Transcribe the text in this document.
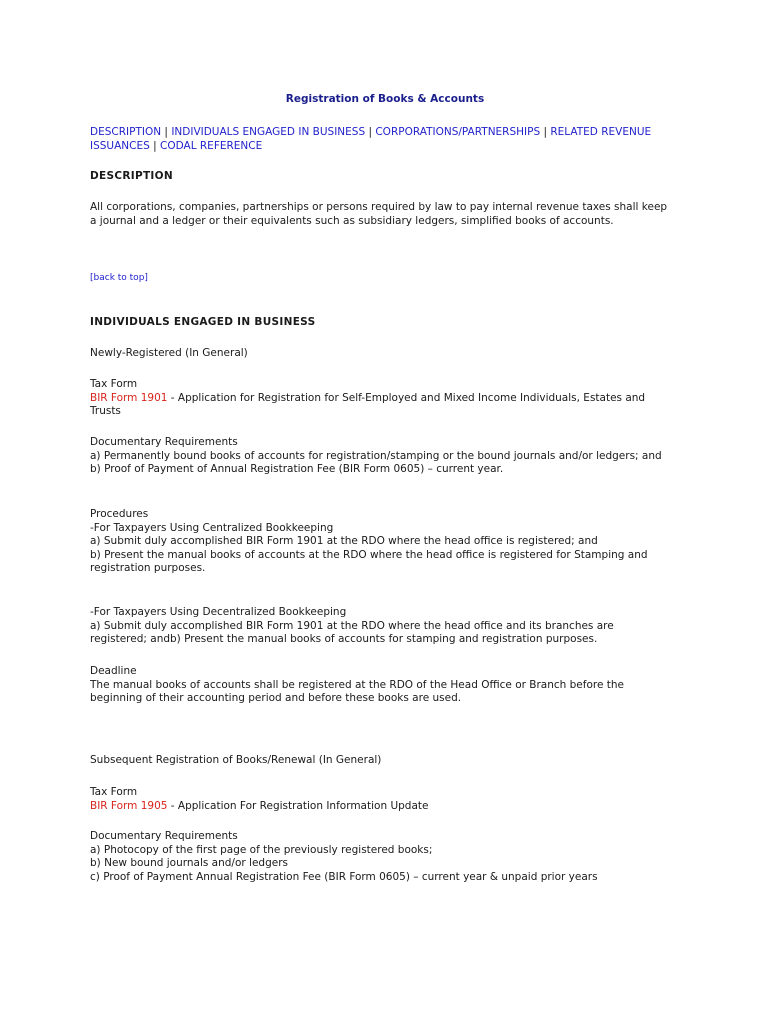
Registration of Books & Accounts
DESCRIPTION | INDIVIDUALS ENGAGED IN BUSINESS | CORPORATIONS/PARTNERSHIPS | RELATED REVENUE ISSUANCES | CODAL REFERENCE
DESCRIPTION
All corporations, companies, partnerships or persons required by law to pay internal revenue taxes shall keep a journal and a ledger or their equivalents such as subsidiary ledgers, simplified books of accounts.
[back to top]
INDIVIDUALS ENGAGED IN BUSINESS
Newly-Registered (In General)
Tax Form
BIR Form 1901 - Application for Registration for Self-Employed and Mixed Income Individuals, Estates and Trusts
Documentary Requirements
a) Permanently bound books of accounts for registration/stamping or the bound journals and/or ledgers; and
b) Proof of Payment of Annual Registration Fee (BIR Form 0605) – current year.
Procedures
-For Taxpayers Using Centralized Bookkeeping
a) Submit duly accomplished BIR Form 1901 at the RDO where the head office is registered; and
b) Present the manual books of accounts at the RDO where the head office is registered for Stamping and registration purposes.
-For Taxpayers Using Decentralized Bookkeeping
a) Submit duly accomplished BIR Form 1901 at the RDO where the head office and its branches are registered; andb) Present the manual books of accounts for stamping and registration purposes.
Deadline
The manual books of accounts shall be registered at the RDO of the Head Office or Branch before the beginning of their accounting period and before these books are used.
Subsequent Registration of Books/Renewal (In General)
Tax Form
BIR Form 1905 - Application For Registration Information Update
Documentary Requirements
a) Photocopy of the first page of the previously registered books;
b) New bound journals and/or ledgers
c) Proof of Payment Annual Registration Fee (BIR Form 0605) – current year & unpaid prior years
